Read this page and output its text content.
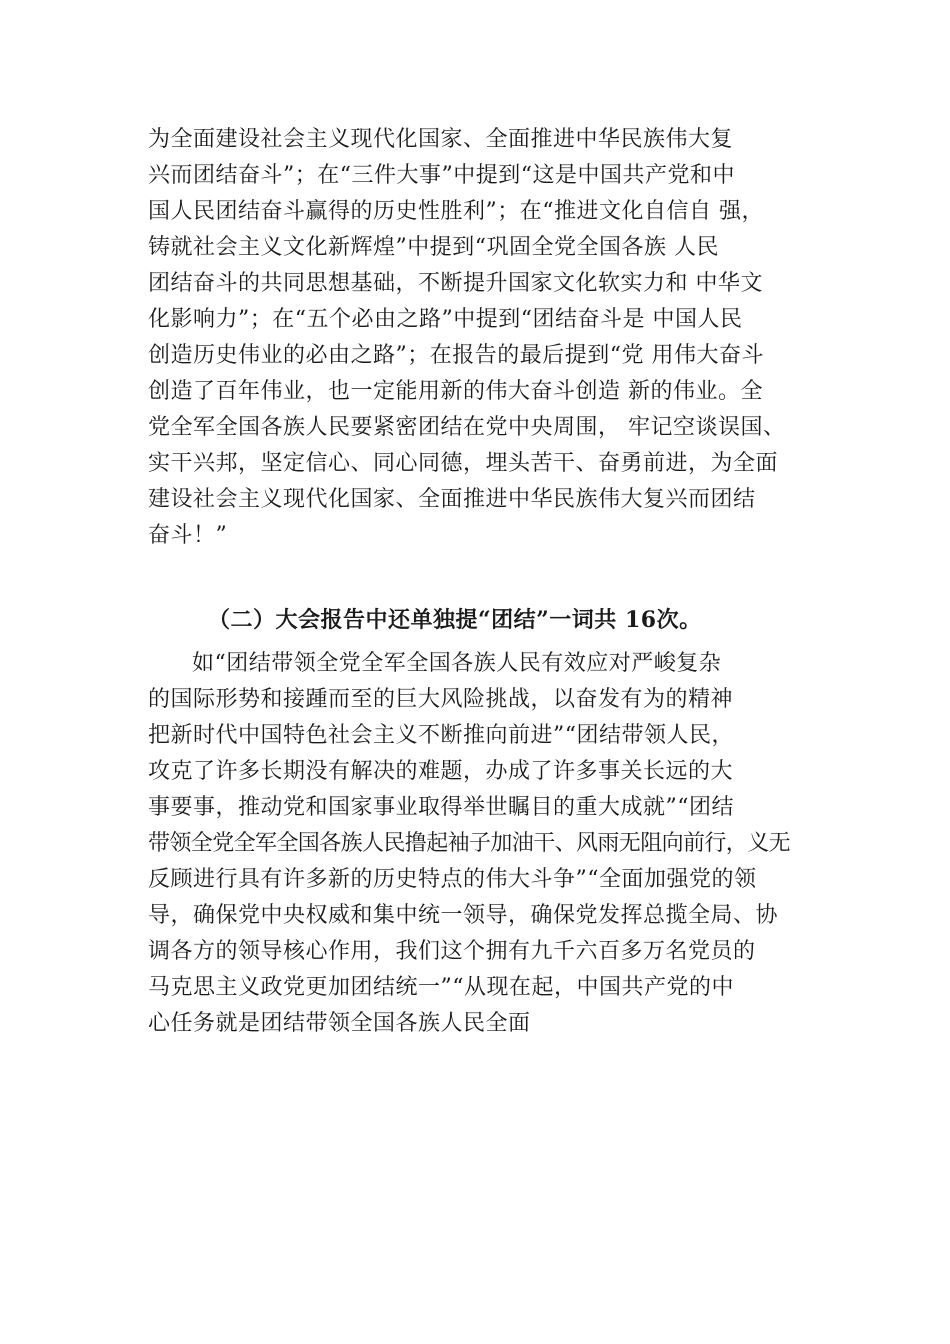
为全面建设社会主义现代化国家、全面推进中华民族伟大复
兴而团结奋斗”；在“三件大事”中提到“这是中国共产党和中
国人民团结奋斗赢得的历史性胜利”；在“推进文化自信自 强，
铸就社会主义文化新辉煌”中提到“巩固全党全国各族 人民
团结奋斗的共同思想基础，不断提升国家文化软实力和 中华文
化影响力”；在“五个必由之路”中提到“团结奋斗是 中国人民
创造历史伟业的必由之路”；在报告的最后提到“党 用伟大奋斗
创造了百年伟业，也一定能用新的伟大奋斗创造 新的伟业。全
党全军全国各族人民要紧密团结在党中央周围， 牢记空谈误国、
实干兴邦，坚定信心、同心同德，埋头苦干、奋勇前进，为全面
建设社会主义现代化国家、全面推进中华民族伟大复兴而团结
奋斗！”
（二）大会报告中还单独提“团结”一词共 16次。
如“团结带领全党全军全国各族人民有效应对严峻复杂
的国际形势和接踵而至的巨大风险挑战，以奋发有为的精神
把新时代中国特色社会主义不断推向前进”“团结带领人民，
攻克了许多长期没有解决的难题，办成了许多事关长远的大
事要事，推动党和国家事业取得举世瞩目的重大成就”“团结
带领全党全军全国各族人民撸起袖子加油干、风雨无阻向前行，义无
反顾进行具有许多新的历史特点的伟大斗争”“全面加强党的领
导，确保党中央权威和集中统一领导，确保党发挥总揽全局、协
调各方的领导核心作用，我们这个拥有九千六百多万名党员的
马克思主义政党更加团结统一”“从现在起，中国共产党的中
心任务就是团结带领全国各族人民全面
